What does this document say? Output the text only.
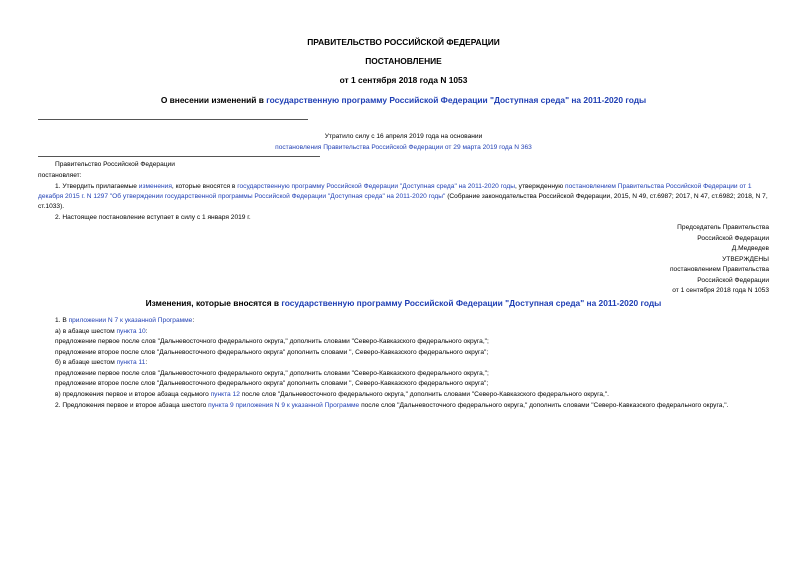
ПРАВИТЕЛЬСТВО РОССИЙСКОЙ ФЕДЕРАЦИИ
ПОСТАНОВЛЕНИЕ
от 1 сентября 2018 года N 1053
О внесении изменений в государственную программу Российской Федерации "Доступная среда" на 2011-2020 годы
Утратило силу с 16 апреля 2019 года на основании
постановления Правительства Российской Федерации от 29 марта 2019 года N 363
Правительство Российской Федерации
постановляет:
1. Утвердить прилагаемые изменения, которые вносятся в государственную программу Российской Федерации "Доступная среда" на 2011-2020 годы, утвержденную постановлением Правительства Российской Федерации от 1 декабря 2015 г. N 1297 "Об утверждении государственной программы Российской Федерации "Доступная среда" на 2011-2020 годы" (Собрание законодательства Российской Федерации, 2015, N 49, ст.6987; 2017, N 47, ст.6982; 2018, N 7, ст.1033).
2. Настоящее постановление вступает в силу с 1 января 2019 г.
Председатель Правительства
Российской Федерации
Д.Медведев
УТВЕРЖДЕНЫ
постановлением Правительства
Российской Федерации
от 1 сентября 2018 года N 1053
Изменения, которые вносятся в государственную программу Российской Федерации "Доступная среда" на 2011-2020 годы
1. В приложении N 7 к указанной Программе:
а) в абзаце шестом пункта 10:
предложение первое после слов "Дальневосточного федерального округа," дополнить словами "Северо-Кавказского федерального округа,";
предложение второе после слов "Дальневосточного федерального округа" дополнить словами ", Северо-Кавказского федерального округа";
б) в абзаце шестом пункта 11:
предложение первое после слов "Дальневосточного федерального округа," дополнить словами "Северо-Кавказского федерального округа,";
предложение второе после слов "Дальневосточного федерального округа" дополнить словами ", Северо-Кавказского федерального округа";
в) предложения первое и второе абзаца седьмого пункта 12 после слов "Дальневосточного федерального округа," дополнить словами "Северо-Кавказского федерального округа,".
2. Предложения первое и второе абзаца шестого пункта 9 приложения N 9 к указанной Программе после слов "Дальневосточного федерального округа," дополнить словами "Северо-Кавказского федерального округа,".
